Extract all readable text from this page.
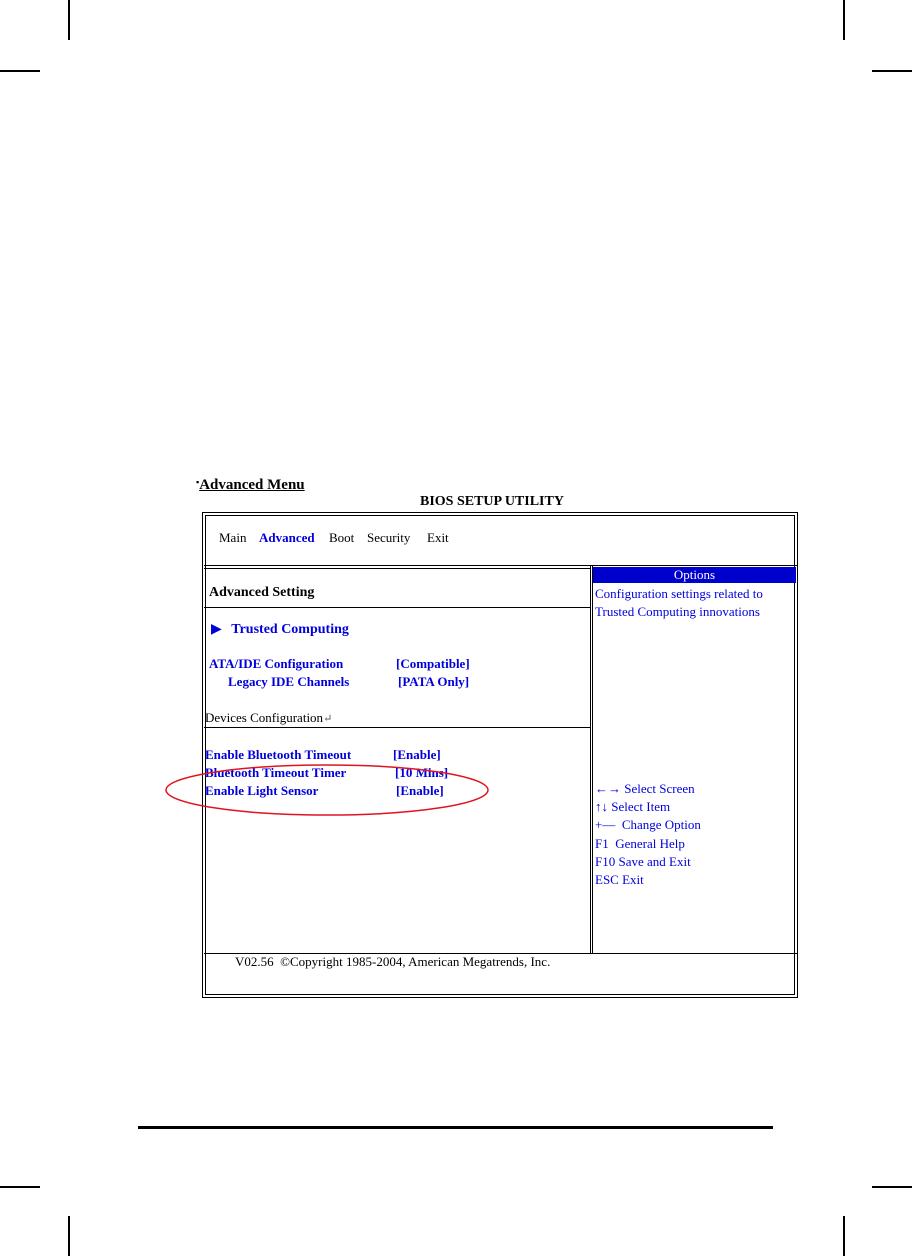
▪Advanced Menu
BIOS SETUP UTILITY
Main Advanced Boot Security Exit
Advanced Setting
▶ Trusted Computing
ATA/IDE Configuration	[Compatible]
Legacy IDE Channels	[PATA Only]
Devices Configuration↵
Enable Bluetooth Timeout	[Enable]
Bluetooth Timeout Timer	[10 Mins]
Enable Light Sensor	[Enable]
Options
Configuration settings related to
Trusted Computing innovations
←→ Select Screen
↑↓ Select Item
+—  Change Option
F1  General Help
F10 Save and Exit
ESC Exit
V02.56  ©Copyright 1985-2004, American Megatrends, Inc.
